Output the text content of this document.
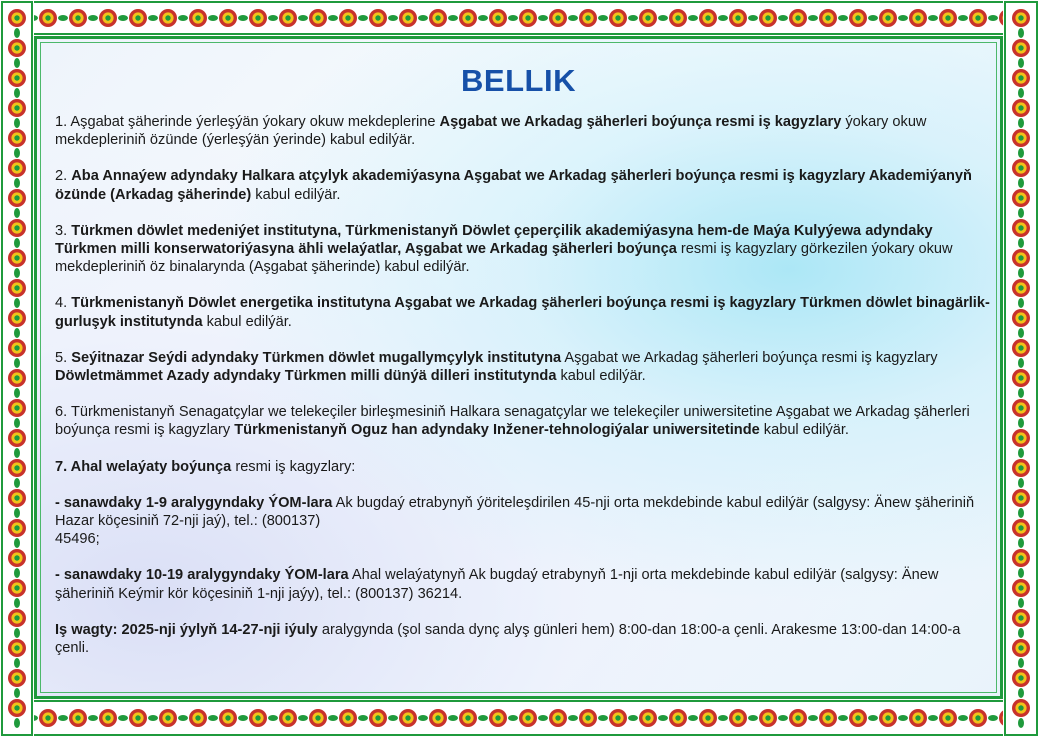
BELLIK

1. Aşgabat şäherinde ýerleşýän ýokary okuw mekdeplerine Aşgabat we Arkadag şäherleri boýunça resmi iş kagyzlary ýokary okuw mekdepleriniň özünde (ýerleşýän ýerinde) kabul edilýär.

2. Aba Annaýew adyndaky Halkara atçylyk akademiýasyna Aşgabat we Arkadag şäherleri boýunça resmi iş kagyzlary Akademiýanyň özünde (Arkadag şäherinde) kabul edilýär.

3. Türkmen döwlet medeniýet institutyna, Türkmenistanyň Döwlet çeperçilik akademiýasyna hem-de Maýa Kulyýewa adyndaky Türkmen milli konserwatoriýasyna ähli welaýatlar, Aşgabat we Arkadag şäherleri boýunça resmi iş kagyzlary görkezilen ýokary okuw mekdepleriniň öz binalarynda (Aşgabat şäherinde) kabul edilýär.

4. Türkmenistanyň Döwlet energetika institutyna Aşgabat we Arkadag şäherleri boýunça resmi iş kagyzlary Türkmen döwlet binagärlik-gurluşyk institutynda kabul edilýär.

5. Seýitnazar Seýdi adyndaky Türkmen döwlet mugallymçylyk institutyna Aşgabat we Arkadag şäherleri boýunça resmi iş kagyzlary Döwletmämmet Azady adyndaky Türkmen milli dünýä dilleri institutynda kabul edilýär.

6. Türkmenistanyň Senagatçylar we telekeçiler birleşmesiniň Halkara senagatçylar we telekeçiler uniwersitetine Aşgabat we Arkadag şäherleri boýunça resmi iş kagyzlary Türkmenistanyň Oguz han adyndaky Inžener-tehnologiýalar uniwersitetinde kabul edilýär.

7. Ahal welaýaty boýunça resmi iş kagyzlary:

- sanawdaky 1-9 aralygyndaky ÝOM-lara Ak bugdaý etrabynyň ýöriteleşdirilen 45-nji orta mekdebinde kabul edilýär (salgysy: Änew şäheriniň Hazar köçesiniň 72-nji jaý), tel.: (800137)
45496;

- sanawdaky 10-19 aralygyndaky ÝOM-lara Ahal welaýatynyň Ak bugdaý etrabynyň 1-nji orta mekdebinde kabul edilýär (salgysy: Änew şäheriniň Keýmir kör köçesiniň 1-nji jaýy), tel.: (800137) 36214.

Iş wagty: 2025-nji ýylyň 14-27-nji iýuly aralygynda (şol sanda dynç alyş günleri hem) 8:00-dan 18:00-a çenli. Arakesme 13:00-dan 14:00-a çenli.
